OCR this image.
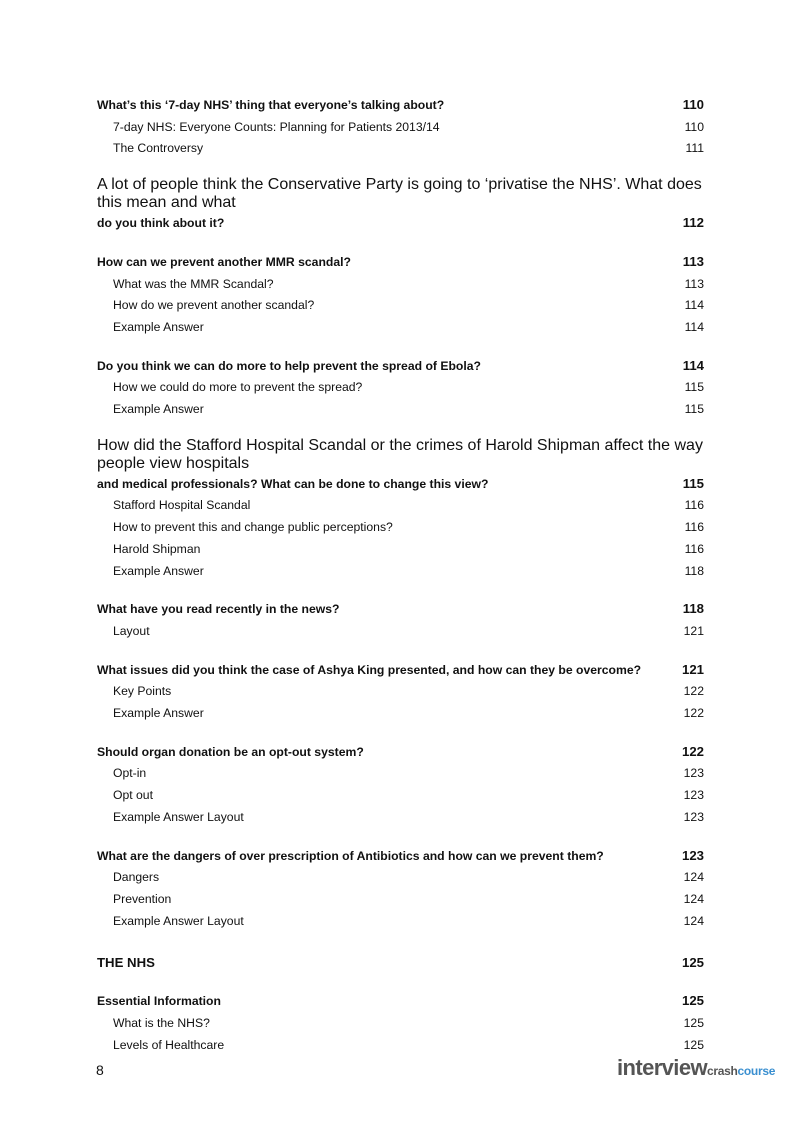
What’s this ‘7-day NHS’ thing that everyone’s talking about?	110
7-day NHS: Everyone Counts: Planning for Patients 2013/14	110
The Controversy	111
A lot of people think the Conservative Party is going to ‘privatise the NHS’. What does this mean and what
do you think about it?	112
How can we prevent another MMR scandal?	113
What was the MMR Scandal?	113
How do we prevent another scandal?	114
Example Answer	114
Do you think we can do more to help prevent the spread of Ebola?	114
How we could do more to prevent the spread?	115
Example Answer	115
How did the Stafford Hospital Scandal or the crimes of Harold Shipman affect the way people view hospitals
and medical professionals? What can be done to change this view?	115
Stafford Hospital Scandal	116
How to prevent this and change public perceptions?	116
Harold Shipman	116
Example Answer	118
What have you read recently in the news?	118
Layout	121
What issues did you think the case of Ashya King presented, and how can they be overcome?	121
Key Points	122
Example Answer	122
Should organ donation be an opt-out system?	122
Opt-in	123
Opt out	123
Example Answer Layout	123
What are the dangers of over prescription of Antibiotics and how can we prevent them?	123
Dangers	124
Prevention	124
Example Answer Layout	124
THE NHS	125
Essential Information	125
What is the NHS?	125
Levels of Healthcare	125
8	interviewcrashcourse
